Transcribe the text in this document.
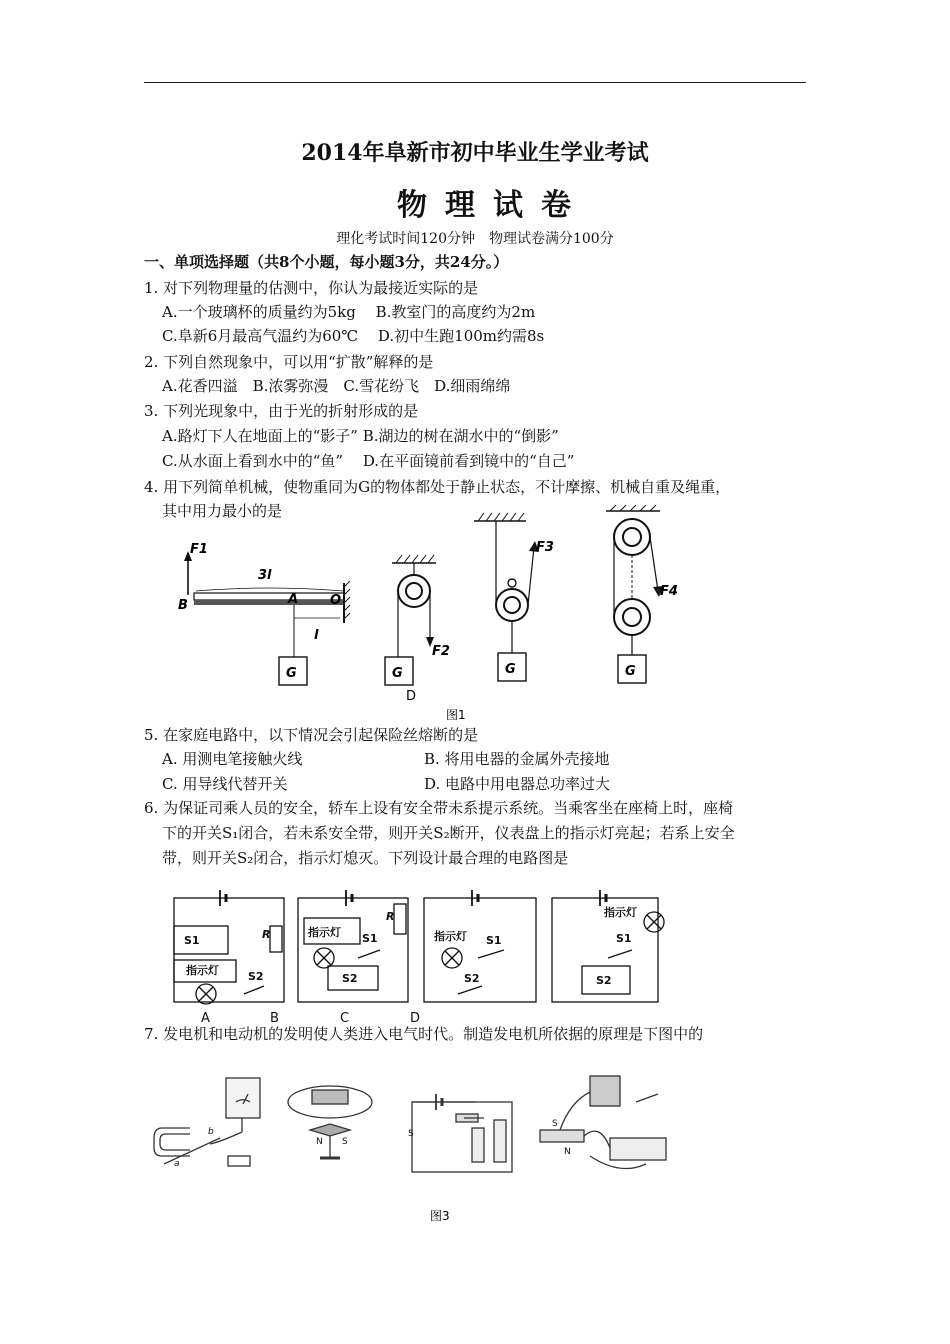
2014年阜新市初中毕业生学业考试
物理试卷
理化考试时间120分钟　物理试卷满分100分
一、单项选择题（共8个小题，每小题3分，共24分。）
1. 对下列物理量的估测中，你认为最接近实际的是
A.一个玻璃杯的质量约为5kg　 B.教室门的高度约为2m
C.阜新6月最高气温约为60℃　 D.初中生跑100m约需8s
2. 下列自然现象中，可以用“扩散”解释的是
A.花香四溢　B.浓雾弥漫　C.雪花纷飞　D.细雨绵绵
3. 下列光现象中，由于光的折射形成的是
A.路灯下人在地面上的“影子” B.湖边的树在湖水中的“倒影”
C.从水面上看到水中的“鱼”　 D.在平面镜前看到镜中的“自己”
4. 用下列简单机械，使物重同为G的物体都处于静止状态，不计摩擦、机械自重及绳重，
其中用力最小的是
F1
B
3l
A O
l
G
F2
G
D
F3
G
F4
G
图1
5. 在家庭电路中，以下情况会引起保险丝熔断的是
A. 用测电笔接触火线	B. 将用电器的金属外壳接地
C. 用导线代替开关	D. 电路中用电器总功率过大
6. 为保证司乘人员的安全，轿车上设有安全带未系提示系统。当乘客坐在座椅上时，座椅
下的开关S₁闭合，若未系安全带，则开关S₂断开，仪表盘上的指示灯亮起；若系上安全
带，则开关S₂闭合，指示灯熄灭。下列设计最合理的电路图是
S1
指示灯	S2
R	指示灯 S1
S2
R
指示灯 S1
S2
指示灯
S1
S2
A	B	C	D
7. 发电机和电动机的发明使人类进入电气时代。制造发电机所依据的原理是下图中的
b
a
N S
S
S
N
图3
